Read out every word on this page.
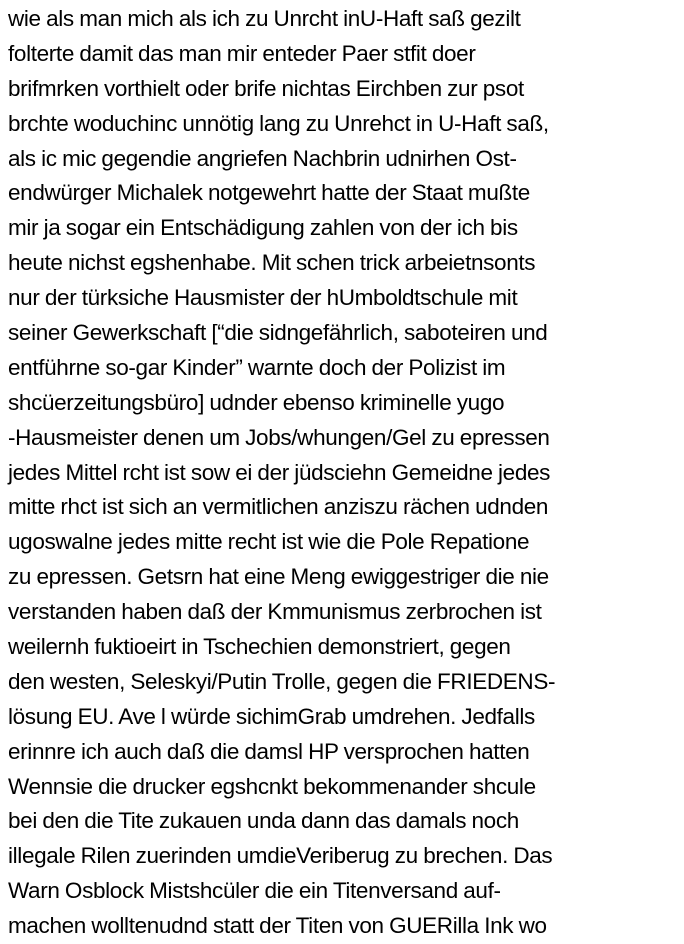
wie als man mich als ich zu Unrcht inU-Haft saß gezilt
folterte damit das man mir enteder Paer stfit doer
brifmrken vorthielt oder brife nichtas Eirchben zur psot
brchte woduchinc unnötig lang zu Unrehct in U-Haft saß,
als ic mic gegendie angriefen Nachbrin udnirhen Ost-
endwürger Michalek notgewehrt hatte der Staat mußte
mir ja sogar ein Entschädigung zahlen von der ich bis
heute nichst egshenhabe. Mit schen trick arbeietnsonts
nur der türksiche Hausmister der hUmboldtschule mit
seiner Gewerkschaft [“die sidngefährlich, saboteiren und
entführne so-gar Kinder” warnte doch der Polizist im
shcüerzeitungsbüro] udnder ebenso kriminelle yugo
-Hausmeister denen um Jobs/whungen/Gel zu epressen
jedes Mittel rcht ist sow ei der jüdsciehn Gemeidne jedes
mitte rhct ist sich an vermitlichen anziszu rächen udnden
ugoswalne jedes mitte recht ist wie die Pole Repatione
zu epressen. Getsrn hat eine Meng ewiggestriger die nie
verstanden haben daß der Kmmunismus zerbrochen ist
weilernh fuktioeirt in Tschechien demonstriert, gegen
den westen, Seleskyi/Putin Trolle, gegen die FRIEDENS-
lösung EU. Ave l würde sichimGrab umdrehen. Jedfalls
erinnre ich auch daß die damsl HP versprochen hatten
Wennsie die drucker egshcnkt bekommenander shcule
bei den die Tite zukauen unda dann das damals noch
illegale Rilen zuerinden umdieVeriberug zu brechen. Das
Warn Osblock Mistshcüler die ein Titenversand auf-
machen wolltenudnd statt der Titen von GUERilla Ink wo
